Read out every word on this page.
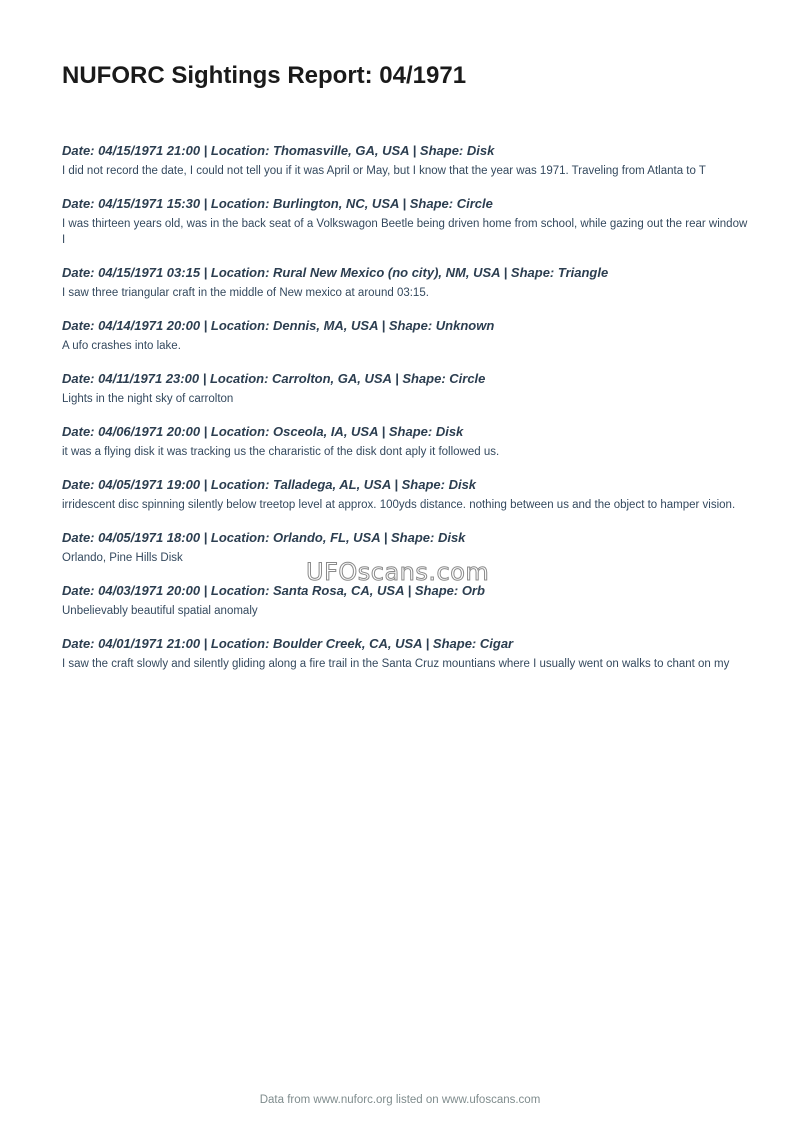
NUFORC Sightings Report: 04/1971

Date: 04/15/1971 21:00 | Location: Thomasville, GA, USA | Shape: Disk

I did not record the date, I could not tell you if it was April or May, but I know that the year was 1971. Traveling from Atlanta to T

Date: 04/15/1971 15:30 | Location: Burlington, NC, USA | Shape: Circle

I was thirteen years old, was in the back seat of a Volkswagon Beetle being driven home from school, while gazing out the rear window I

Date: 04/15/1971 03:15 | Location: Rural New Mexico (no city), NM, USA | Shape: Triangle

I saw three triangular craft in the middle of New mexico at around 03:15.

Date: 04/14/1971 20:00 | Location: Dennis, MA, USA | Shape: Unknown

A ufo crashes into lake.

Date: 04/11/1971 23:00 | Location: Carrolton, GA, USA | Shape: Circle

Lights in the night sky of carrolton

Date: 04/06/1971 20:00 | Location: Osceola, IA, USA | Shape: Disk

it was a flying disk it was tracking us the chararistic of the disk dont aply it followed us.

Date: 04/05/1971 19:00 | Location: Talladega, AL, USA | Shape: Disk

irridescent disc spinning silently below treetop level at approx. 100yds distance. nothing between us and the object to hamper vision.

Date: 04/05/1971 18:00 | Location: Orlando, FL, USA | Shape: Disk

Orlando, Pine Hills Disk

Date: 04/03/1971 20:00 | Location: Santa Rosa, CA, USA | Shape: Orb

Unbelievably beautiful spatial anomaly

Date: 04/01/1971 21:00 | Location: Boulder Creek, CA, USA | Shape: Cigar

I saw the craft slowly and silently gliding along a fire trail in the Santa Cruz mountians where I usually went on walks to chant on my

UFOscans.com
Data from www.nuforc.org listed on www.ufoscans.com
